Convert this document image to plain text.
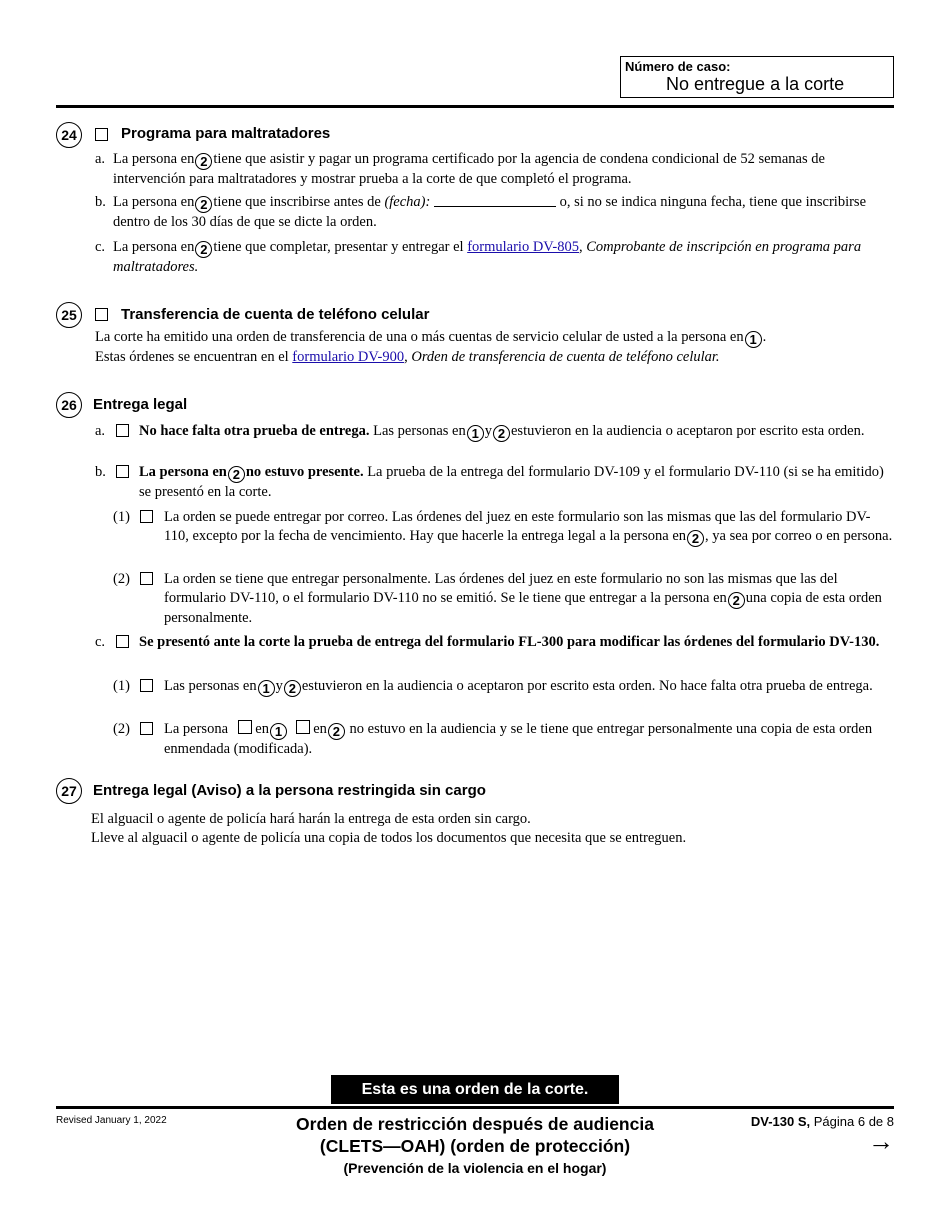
Número de caso:
No entregue a la corte
24	Programa para maltratadores
a. La persona en 2 tiene que asistir y pagar un programa certificado por la agencia de condena condicional de 52 semanas de intervención para maltratadores y mostrar prueba a la corte de que completó el programa.
b. La persona en 2 tiene que inscribirse antes de (fecha):	o, si no se indica ninguna fecha, tiene que inscribirse dentro de los 30 días de que se dicte la orden.
c. La persona en 2 tiene que completar, presentar y entregar el formulario DV-805, Comprobante de inscripción en programa para maltratadores.
25	Transferencia de cuenta de teléfono celular
La corte ha emitido una orden de transferencia de una o más cuentas de servicio celular de usted a la persona en 1 .
Estas órdenes se encuentran en el formulario DV-900, Orden de transferencia de cuenta de teléfono celular.
26	Entrega legal
a. No hace falta otra prueba de entrega. Las personas en 1 y 2 estuvieron en la audiencia o aceptaron por escrito esta orden.
b. La persona en 2 no estuvo presente. La prueba de la entrega del formulario DV-109 y el formulario DV-110 (si se ha emitido) se presentó en la corte.
(1) La orden se puede entregar por correo. Las órdenes del juez en este formulario son las mismas que las del formulario DV-110, excepto por la fecha de vencimiento. Hay que hacerle la entrega legal a la persona en 2 , ya sea por correo o en persona.
(2) La orden se tiene que entregar personalmente. Las órdenes del juez en este formulario no son las mismas que las del formulario DV-110, o el formulario DV-110 no se emitió. Se le tiene que entregar a la persona en 2 una copia de esta orden personalmente.
c. Se presentó ante la corte la prueba de entrega del formulario FL-300 para modificar las órdenes del formulario DV-130.
(1) Las personas en 1 y 2 estuvieron en la audiencia o aceptaron por escrito esta orden. No hace falta otra prueba de entrega.
(2) La persona en 1 en 2 no estuvo en la audiencia y se le tiene que entregar personalmente una copia de esta orden enmendada (modificada).
27	Entrega legal (Aviso) a la persona restringida sin cargo
El alguacil o agente de policía hará harán la entrega de esta orden sin cargo.
Lleve al alguacil o agente de policía una copia de todos los documentos que necesita que se entreguen.
Esta es una orden de la corte.
Revised January 1, 2022	Orden de restricción después de audiencia
(CLETS—OAH) (orden de protección)
(Prevención de la violencia en el hogar)
DV-130 S, Página 6 de 8
→
